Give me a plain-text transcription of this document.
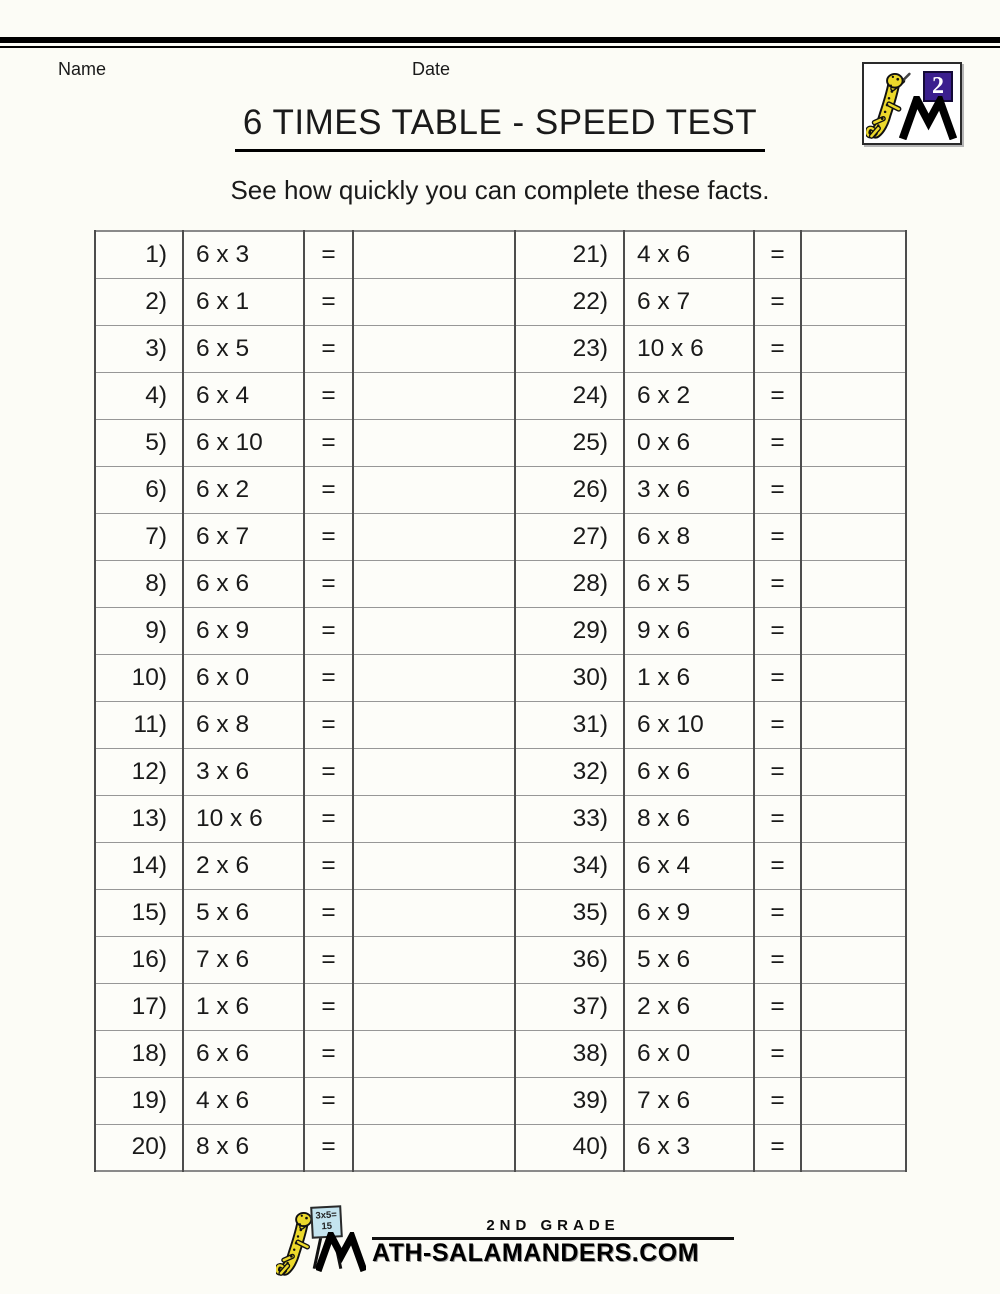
Name	Date
2
6 TIMES TABLE - SPEED TEST
See how quickly you can complete these facts.
1)	6 x 3	=		21)	4 x 6	=	
2)	6 x 1	=		22)	6 x 7	=	
3)	6 x 5	=		23)	10 x 6	=	
4)	6 x 4	=		24)	6 x 2	=	
5)	6 x 10	=		25)	0 x 6	=	
6)	6 x 2	=		26)	3 x 6	=	
7)	6 x 7	=		27)	6 x 8	=	
8)	6 x 6	=		28)	6 x 5	=	
9)	6 x 9	=		29)	9 x 6	=	
10)	6 x 0	=		30)	1 x 6	=	
11)	6 x 8	=		31)	6 x 10	=	
12)	3 x 6	=		32)	6 x 6	=	
13)	10 x 6	=		33)	8 x 6	=	
14)	2 x 6	=		34)	6 x 4	=	
15)	5 x 6	=		35)	6 x 9	=	
16)	7 x 6	=		36)	5 x 6	=	
17)	1 x 6	=		37)	2 x 6	=	
18)	6 x 6	=		38)	6 x 0	=	
19)	4 x 6	=		39)	7 x 6	=	
20)	8 x 6	=		40)	6 x 3	=	
3x5=
15	2ND GRADE
ATH-SALAMANDERS.COM
